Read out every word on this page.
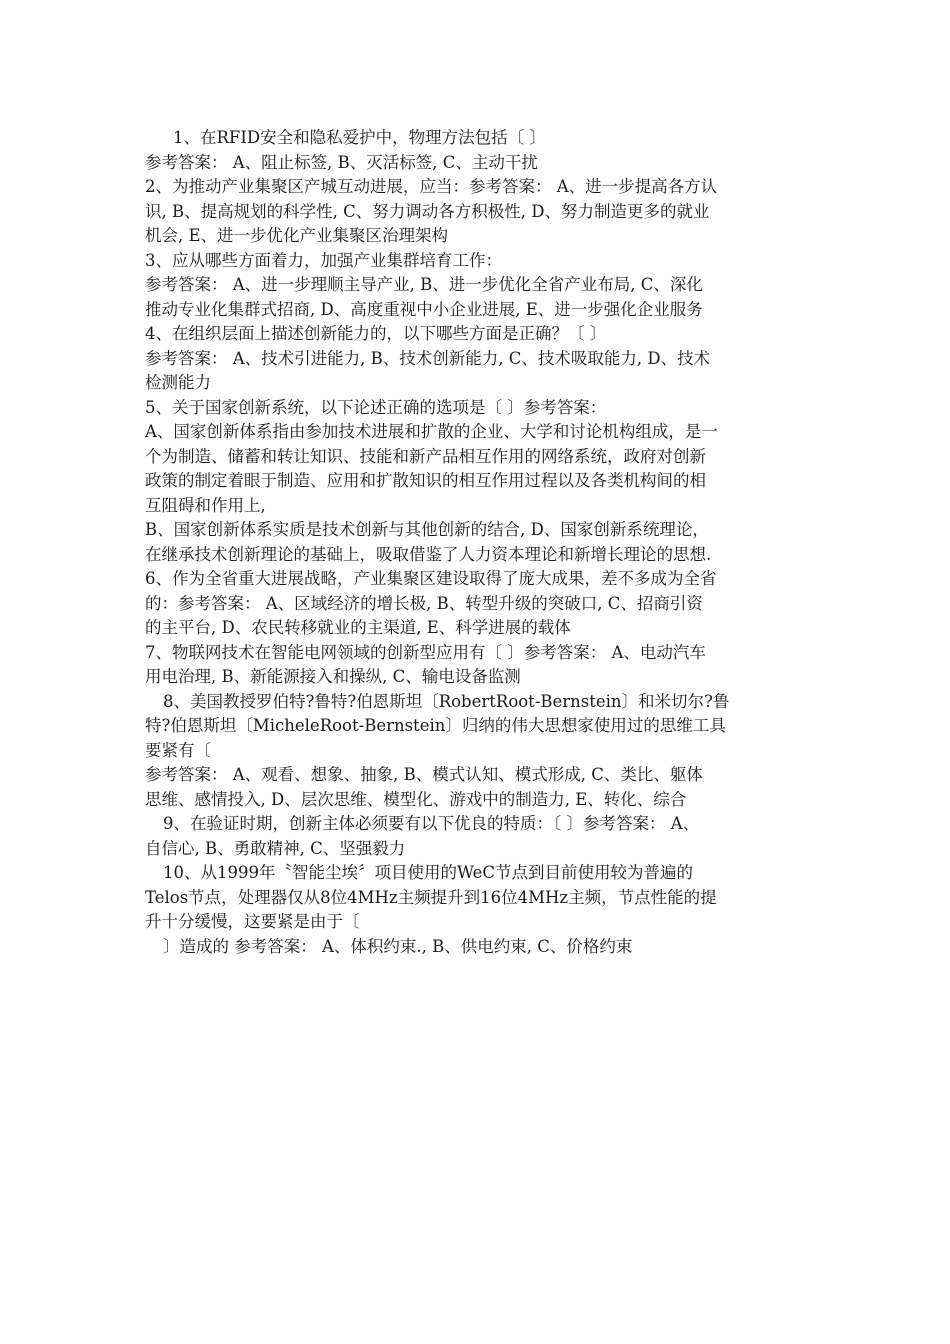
1、在RFID安全和隐私爱护中，物理方法包括〔 〕
参考答案： A、阻止标签, B、灭活标签, C、主动干扰
2、为推动产业集聚区产城互动进展，应当：参考答案： A、进一步提高各方认
识, B、提高规划的科学性, C、努力调动各方积极性, D、努力制造更多的就业
机会, E、进一步优化产业集聚区治理架构
3、应从哪些方面着力，加强产业集群培育工作：
参考答案： A、进一步理顺主导产业, B、进一步优化全省产业布局, C、深化
推动专业化集群式招商, D、高度重视中小企业进展, E、进一步强化企业服务
4、在组织层面上描述创新能力的，以下哪些方面是正确？〔 〕
参考答案： A、技术引进能力, B、技术创新能力, C、技术吸取能力, D、技术
检测能力
5、关于国家创新系统，以下论述正确的选项是〔 〕参考答案：
A、国家创新体系指由参加技术进展和扩散的企业、大学和讨论机构组成，是一
个为制造、储蓄和转让知识、技能和新产品相互作用的网络系统，政府对创新
政策的制定着眼于制造、应用和扩散知识的相互作用过程以及各类机构间的相
互阻碍和作用上,
B、国家创新体系实质是技术创新与其他创新的结合, D、国家创新系统理论，
在继承技术创新理论的基础上，吸取借鉴了人力资本理论和新增长理论的思想.
6、作为全省重大进展战略，产业集聚区建设取得了庞大成果，差不多成为全省
的：参考答案： A、区域经济的增长极, B、转型升级的突破口, C、招商引资
的主平台, D、农民转移就业的主渠道, E、科学进展的载体
7、物联网技术在智能电网领域的创新型应用有〔 〕参考答案： A、电动汽车
用电治理, B、新能源接入和操纵, C、输电设备监测
8、美国教授罗伯特?鲁特?伯恩斯坦〔RobertRoot-Bernstein〕和米切尔?鲁
特?伯恩斯坦〔MicheleRoot-Bernstein〕归纳的伟大思想家使用过的思维工具
要紧有〔
参考答案： A、观看、想象、抽象, B、模式认知、模式形成, C、类比、躯体
思维、感情投入, D、层次思维、模型化、游戏中的制造力, E、转化、综合
9、在验证时期，创新主体必须要有以下优良的特质：〔 〕参考答案： A、
自信心, B、勇敢精神, C、坚强毅力
10、从1999年〝智能尘埃〞项目使用的WeC节点到目前使用较为普遍的
Telos节点，处理器仅从8位4MHz主频提升到16位4MHz主频，节点性能的提
升十分缓慢，这要紧是由于〔
〕造成的 参考答案： A、体积约束., B、供电约束, C、价格约束
